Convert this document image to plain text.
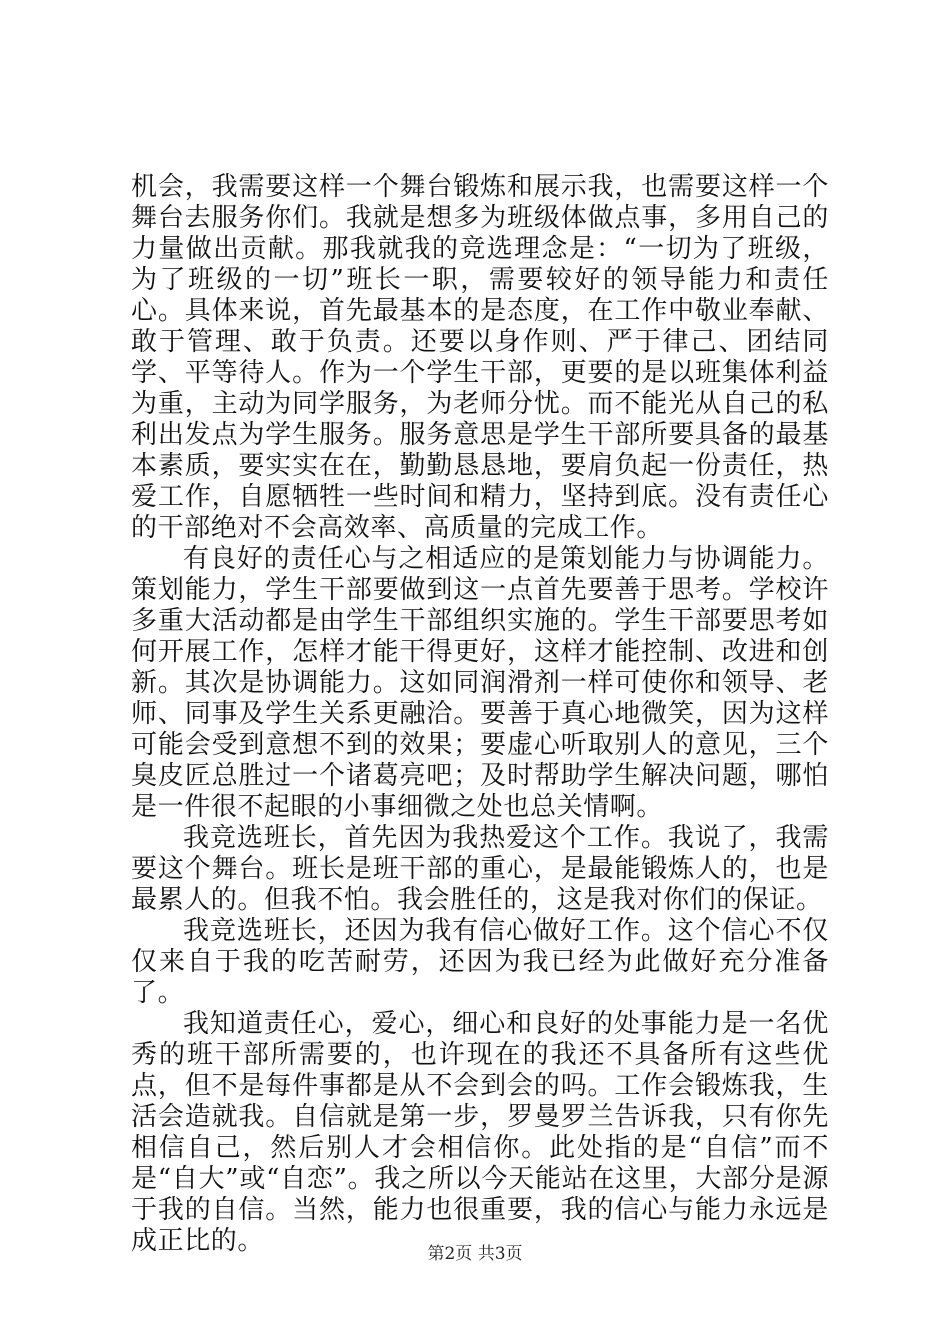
机会，我需要这样一个舞台锻炼和展示我，也需要这样一个舞台去服务你们。我就是想多为班级体做点事，多用自己的力量做出贡献。那我就我的竞选理念是：“一切为了班级，为了班级的一切”班长一职，需要较好的领导能力和责任心。具体来说，首先最基本的是态度，在工作中敬业奉献、敢于管理、敢于负责。还要以身作则、严于律己、团结同学、平等待人。作为一个学生干部，更要的是以班集体利益为重，主动为同学服务，为老师分忧。而不能光从自己的私利出发点为学生服务。服务意思是学生干部所要具备的最基本素质，要实实在在，勤勤恳恳地，要肩负起一份责任，热爱工作，自愿牺牲一些时间和精力，坚持到底。没有责任心的干部绝对不会高效率、高质量的完成工作。

有良好的责任心与之相适应的是策划能力与协调能力。策划能力，学生干部要做到这一点首先要善于思考。学校许多重大活动都是由学生干部组织实施的。学生干部要思考如何开展工作，怎样才能干得更好，这样才能控制、改进和创新。其次是协调能力。这如同润滑剂一样可使你和领导、老师、同事及学生关系更融洽。要善于真心地微笑，因为这样可能会受到意想不到的效果；要虚心听取别人的意见，三个臭皮匠总胜过一个诸葛亮吧；及时帮助学生解决问题，哪怕是一件很不起眼的小事细微之处也总关情啊。

我竞选班长，首先因为我热爱这个工作。我说了，我需要这个舞台。班长是班干部的重心，是最能锻炼人的，也是最累人的。但我不怕。我会胜任的，这是我对你们的保证。

我竞选班长，还因为我有信心做好工作。这个信心不仅仅来自于我的吃苦耐劳，还因为我已经为此做好充分准备了。

我知道责任心，爱心，细心和良好的处事能力是一名优秀的班干部所需要的，也许现在的我还不具备所有这些优点，但不是每件事都是从不会到会的吗。工作会锻炼我，生活会造就我。自信就是第一步，罗曼罗兰告诉我，只有你先相信自己，然后别人才会相信你。此处指的是“自信”而不是“自大”或“自恋”。我之所以今天能站在这里，大部分是源于我的自信。当然，能力也很重要，我的信心与能力永远是成正比的。	第2页 共3页
